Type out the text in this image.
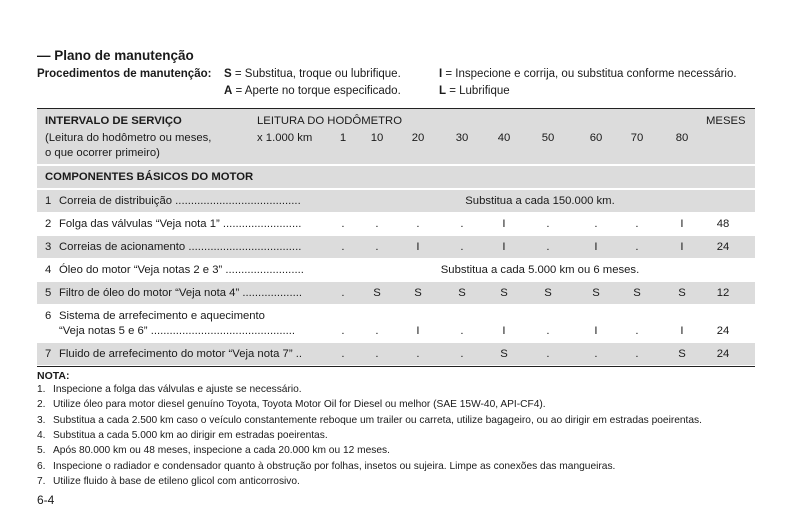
— Plano de manutenção
Procedimentos de manutenção: S = Substitua, troque ou lubrifique.	I = Inspecione e corrija, ou substitua conforme necessário.
A = Aperte no torque especificado.	L = Lubrifique
INTERVALO DE SERVIÇO
(Leitura do hodômetro ou meses,
o que ocorrer primeiro)
LEITURA DO HODÔMETRO	MESES
x 1.000 km 1 10	20	30	40	50	60	70	80
COMPONENTES BÁSICOS DO MOTOR
1 Correia de distribuição ........................................	Substitua a cada 150.000 km.
2 Folga das válvulas “Veja nota 1” .........................	.	.	.	.	I	.	.	.	I	48
3 Correias de acionamento ....................................	.	.	I	.	I	.	I	.	I	24
4 Óleo do motor “Veja notas 2 e 3” .........................	Substitua a cada 5.000 km ou 6 meses.
5 Filtro de óleo do motor “Veja nota 4” ...................	.	S	S	S	S	S	S	S	S	12
6 Sistema de arrefecimento e aquecimento
“Veja notas 5 e 6” ..............................................	.	.	I	.	I	.	I	.	I	24
7 Fluido de arrefecimento do motor “Veja nota 7” ..	.	.	.	.	S	.	.	.	S	24
NOTA:
1. Inspecione a folga das válvulas e ajuste se necessário.
2. Utilize óleo para motor diesel genuíno Toyota, Toyota Motor Oil for Diesel ou melhor (SAE 15W-40, API-CF4).
3. Substitua a cada 2.500 km caso o veículo constantemente reboque um trailer ou carreta, utilize bagageiro, ou ao dirigir em estradas poeirentas.
4. Substitua a cada 5.000 km ao dirigir em estradas poeirentas.
5. Após 80.000 km ou 48 meses, inspecione a cada 20.000 km ou 12 meses.
6. Inspecione o radiador e condensador quanto à obstrução por folhas, insetos ou sujeira. Limpe as conexões das mangueiras.
7. Utilize fluido à base de etileno glicol com anticorrosivo.
6-4
